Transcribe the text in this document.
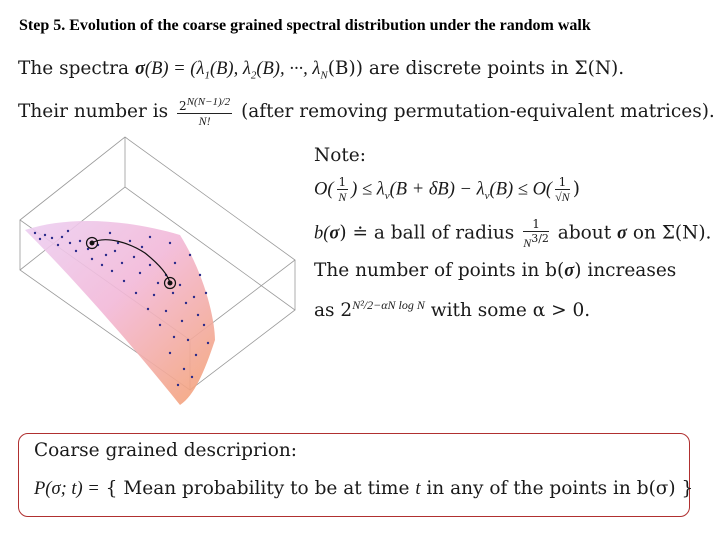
Step 5. Evolution of the coarse grained spectral distribution under the random walk
The spectra $\sigma(B) = (\lambda_1(B)$, $\lambda_2(B)$, ···, $\lambda_N(B)$) are discrete points in Σ(N).
Their number is $\frac{2^{N(N-1)/2}}{N!}$ (after removing permutation-equivalent matrices).
Note:
$O( \frac{1}{N}$ ) ≤ $\lambda_\nu(B + \delta B) - \lambda_\nu(B) \le O( \frac{1}{√N}$ )
b(σ) ≐ a ball of radius $\frac{1}{N^{3/2}}$ about σ on Σ(N).
The number of points in b(σ) increases
as $2^{N^2/2-\alpha N log N}$ with some α > 0.
Coarse grained descriprion:
P(σ; t) = { Mean probability to be at time t in any of the points in b(σ) }
